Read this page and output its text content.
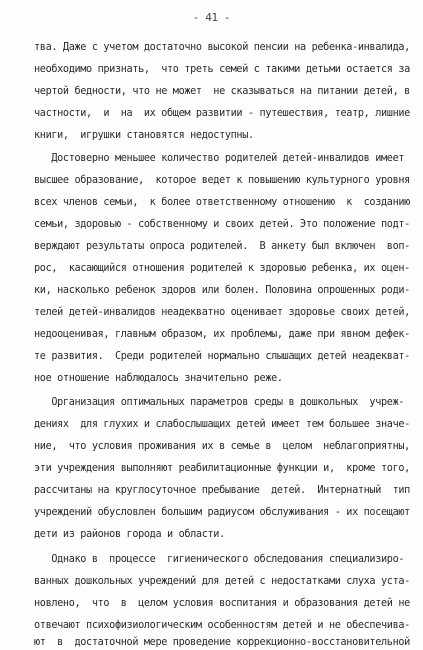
- 41 -
тва. Даже с учетом достаточно высокой пенсии на ребенка-инвалида,
необходимо признать,  что треть семей с такими детьми остается за
чертой бедности, что не может  не сказываться на питании детей, в
частности,  и  на  их общем развитии - путешествия, театр, лишние
книги,  игрушки становятся недоступны.
Достоверно меньшее количество родителей детей-инвалидов имеет
высшее образование,  которое ведет к повышению культурного уровня
всех членов семьи,  к более ответственному отношению  к  созданию
семьи, здоровью - собственному и своих детей. Это положение подт-
верждают результаты опроса родителей.  В анкету был включен  воп-
рос,  касающийся отношения родителей к здоровью ребенка, их оцен-
ки, насколько ребенок здоров или болен. Половина опрошенных роди-
телей детей-инвалидов неадекватно оценивает здоровье своих детей,
недооценивая, главным образом, их проблемы, даже при явном дефек-
те развития.  Среди родителей нормально слышащих детей неадекват-
ное отношение наблюдалось значительно реже.
Организация оптимальных параметров среды в дошкольных  учреж-
дениях  для глухих и слабослышащих детей имеет тем большее значе-
ние,  что условия проживания их в семье в  целом  неблагоприятны,
эти учреждения выполняют реабилитационные функции и,  кроме того,
рассчитаны на круглосуточное пребывание  детей.  Интернатный  тип
учреждений обусловлен большим радиусом обслуживания - их посещают
дети из районов города и области.
Однако в  процессе  гигиенического обследования специализиро-
ванных дошкольных учреждений для детей с недостатками слуха уста-
новлено,  что  в  целом условия воспитания и образования детей не
отвечают психофизиологическим особенностям детей и не обеспечива-
ют  в  достаточной мере проведение коррекционно-восстановительной
